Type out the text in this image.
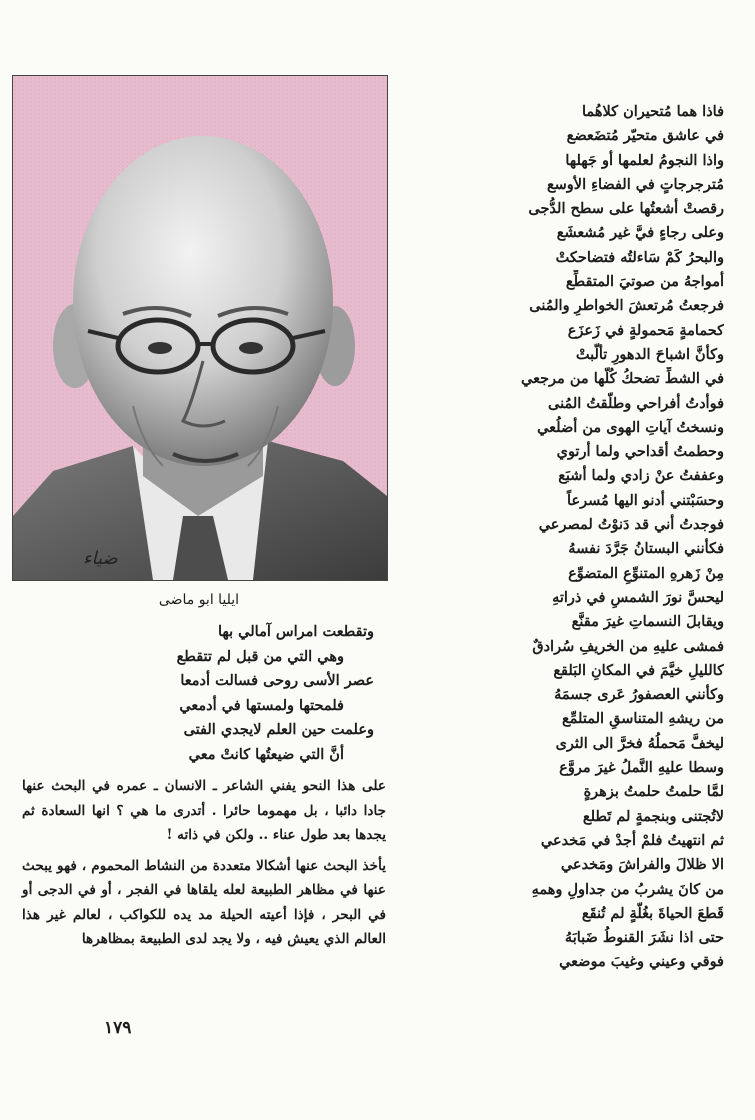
ضياء
ايليا ابو ماضى
فاذا هما مُتحيران كلاهُما
في عاشق متحيّر مُتضَعضع
واذا النجومُ لعلمها أو جَهلها
مُترجرجاتٍ في الفضاءِ الأوسع
رقصتْ أشعتُها على سطح الدُّجى
وعلى رجاءٍ فيَّ غير مُشعشَع
والبحرُ كَمْ سَاءلتُه فتضاحكتْ
أمواجهُ من صوتيَ المتقطِّع
فرجعتُ مُرتعشَ الخواطرِ والمُنى
كحمامةٍ مَحمولةٍ في زَعزَع
وكأنَّ اشباحَ الدهورِ تألَّبتْ
في الشطِّ تضحكُ كُلُّها من مرجعي
فوأدتُ أفراحي وطلّقتُ المُنى
ونسختُ آياتِ الهوى من أضلُعي
وحطمتُ أقداحي ولما أرتوي
وعففتُ عنْ زادي ولما أشبَع
وحسَبْتني أدنو اليها مُسرعاً
فوجدتُ أني قد دَنوْتُ لمصرعي
فكأنني البستانُ جَرَّدَ نفسهُ
مِنْ زَهرهِ المتنوِّعِ المتضوِّع
ليحسَّ نورَ الشمسِ في ذراتهِ
ويقابلَ النسماتِ غيرَ مقنَّع
فمشى عليهِ من الخريفِ سُرادقٌ
كالليلِ خيَّمَ في المكانِ البَلقع
وكأنني العصفورُ عَرى جسمَهُ
من ريشهِ المتناسقِ المتلمِّع
ليخفَّ مَحملُهُ فخرَّ الى الثرى
وسطا عليهِ النَّملُ غيرَ مروَّع
لمَّا حلمتُ حلمتُ بزهرةٍ
لاتُجتنى وبنجمةٍ لم تَطلع
ثم انتهيتُ فلمْ أجدْ في مَخدعي
الا ظلالَ والفراشَ ومَخدعي
من كانَ يشربُ من جداولِ وهمهِ
قَطعَ الحياةَ بغُلَّةٍ لم تُنقَع
حتى اذا نشَرَ القنوطُ ضَبابَهُ
فوقي وعيني وغيبَ موضعي
وتقطعت امراس آمالي بها
وهي التي من قبل لم تتقطع
عصر الأسى روحى فسالت أدمعا
فلمحتها ولمستها في أدمعي
وعلمت حين العلم لايجدي الفتى
أنَّ التي ضيعتُها كانتْ معي

على هذا النحو يفني الشاعر ـ الانسان ـ عمره في البحث عنها جادا دائبا ، بل مهموما حائرا . أتدرى ما هي ؟ انها السعادة ثم يجدها بعد طول عناء .. ولكن في ذاته !

يأخذ البحث عنها أشكالا متعددة من النشاط المحموم ، فهو يبحث عنها في مظاهر الطبيعة لعله يلقاها في الفجر ، أو في الدجى أو في البحر ، فإذا أعيته الحيلة مد يده للكواكب ، لعالم غير هذا العالم الذي يعيش فيه ، ولا يجد لدى الطبيعة بمظاهرها

١٧٩
